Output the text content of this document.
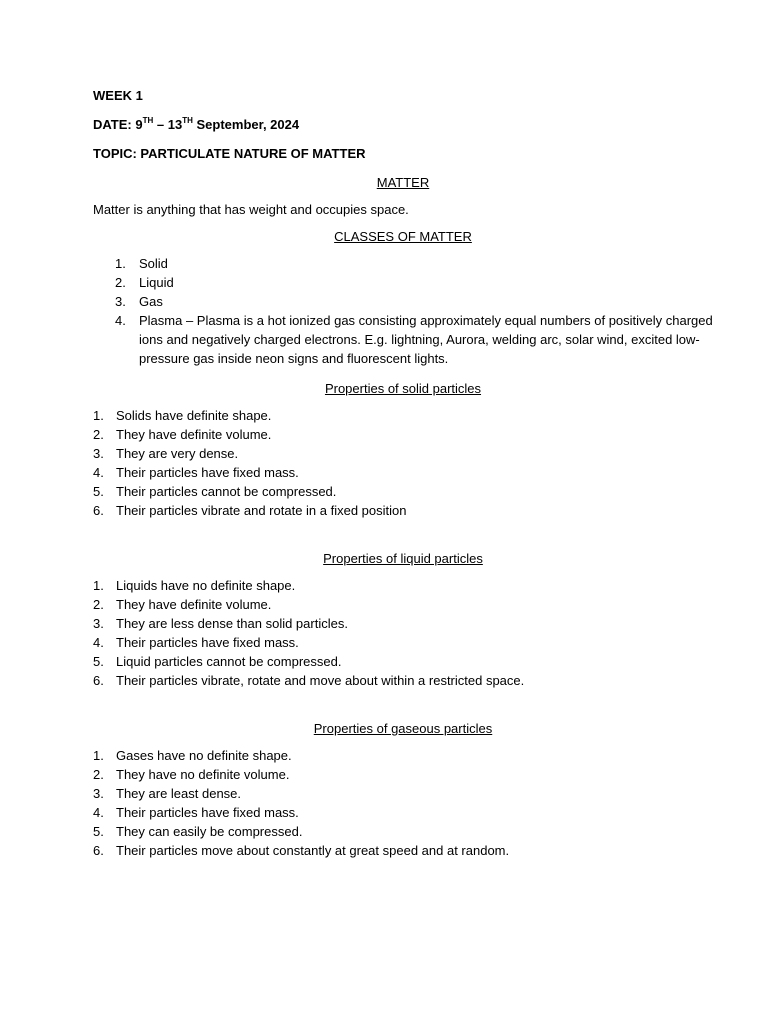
WEEK 1
DATE: 9TH – 13TH September, 2024
TOPIC: PARTICULATE NATURE OF MATTER
MATTER
Matter is anything that has weight and occupies space.
CLASSES OF MATTER
1. Solid
2. Liquid
3. Gas
4. Plasma – Plasma is a hot ionized gas consisting approximately equal numbers of positively charged ions and negatively charged electrons. E.g. lightning, Aurora, welding arc, solar wind, excited low-pressure gas inside neon signs and fluorescent lights.
Properties of solid particles
1. Solids have definite shape.
2. They have definite volume.
3. They are very dense.
4. Their particles have fixed mass.
5. Their particles cannot be compressed.
6. Their particles vibrate and rotate in a fixed position
Properties of liquid particles
1. Liquids have no definite shape.
2. They have definite volume.
3. They are less dense than solid particles.
4. Their particles have fixed mass.
5. Liquid particles cannot be compressed.
6. Their particles vibrate, rotate and move about within a restricted space.
Properties of gaseous particles
1. Gases have no definite shape.
2. They have no definite volume.
3. They are least dense.
4. Their particles have fixed mass.
5. They can easily be compressed.
6. Their particles move about constantly at great speed and at random.
